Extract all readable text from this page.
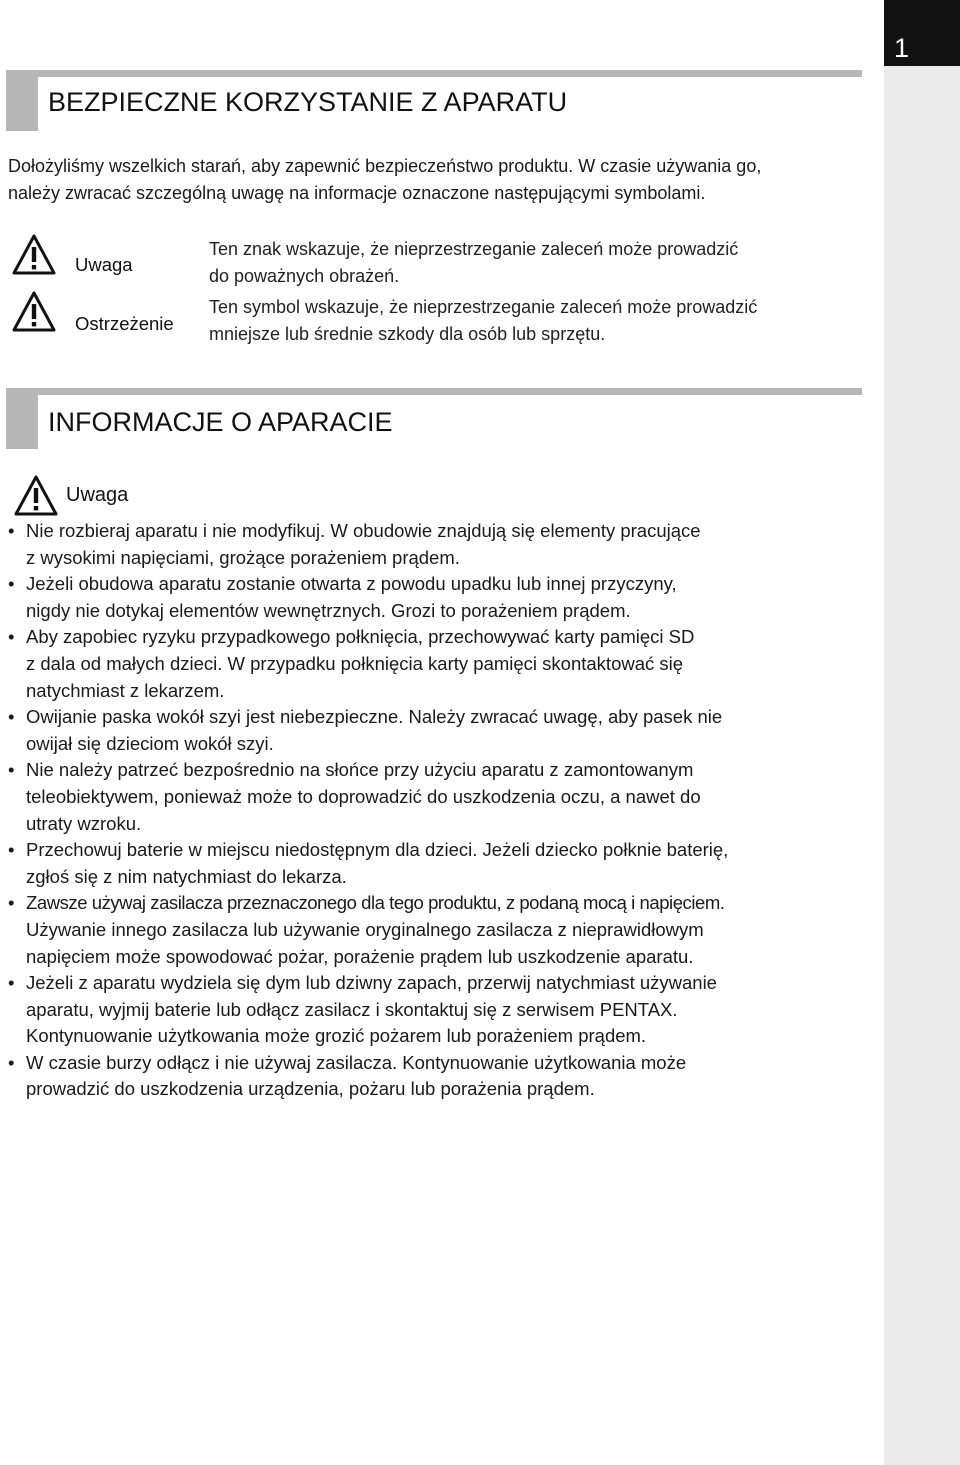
1
BEZPIECZNE KORZYSTANIE Z APARATU

Dołożyliśmy wszelkich starań, aby zapewnić bezpieczeństwo produktu. W czasie używania go,

należy zwracać szczególną uwagę na informacje oznaczone następującymi symbolami.

Uwaga

Ten znak wskazuje, że nieprzestrzeganie zaleceń może prowadzić

do poważnych obrażeń.

Ostrzeżenie

Ten symbol wskazuje, że nieprzestrzeganie zaleceń może prowadzić

mniejsze lub średnie szkody dla osób lub sprzętu.

INFORMACJE O APARACIE
Uwaga
• Nie rozbieraj aparatu i nie modyfikuj. W obudowie znajdują się elementy pracujące
z wysokimi napięciami, grożące porażeniem prądem.
• Jeżeli obudowa aparatu zostanie otwarta z powodu upadku lub innej przyczyny,
nigdy nie dotykaj elementów wewnętrznych. Grozi to porażeniem prądem.
• Aby zapobiec ryzyku przypadkowego połknięcia, przechowywać karty pamięci SD
z dala od małych dzieci. W przypadku połknięcia karty pamięci skontaktować się
natychmiast z lekarzem.
• Owijanie paska wokół szyi jest niebezpieczne. Należy zwracać uwagę, aby pasek nie
owijał się dzieciom wokół szyi.
• Nie należy patrzeć bezpośrednio na słońce przy użyciu aparatu z zamontowanym
teleobiektywem, ponieważ może to doprowadzić do uszkodzenia oczu, a nawet do
utraty wzroku.
• Przechowuj baterie w miejscu niedostępnym dla dzieci. Jeżeli dziecko połknie baterię,
zgłoś się z nim natychmiast do lekarza.
• Zawsze używaj zasilacza przeznaczonego dla tego produktu, z podaną mocą i napięciem.
Używanie innego zasilacza lub używanie oryginalnego zasilacza z nieprawidłowym
napięciem może spowodować pożar, porażenie prądem lub uszkodzenie aparatu.
• Jeżeli z aparatu wydziela się dym lub dziwny zapach, przerwij natychmiast używanie
aparatu, wyjmij baterie lub odłącz zasilacz i skontaktuj się z serwisem PENTAX.
Kontynuowanie użytkowania może grozić pożarem lub porażeniem prądem.
• W czasie burzy odłącz i nie używaj zasilacza. Kontynuowanie użytkowania może
prowadzić do uszkodzenia urządzenia, pożaru lub porażenia prądem.
